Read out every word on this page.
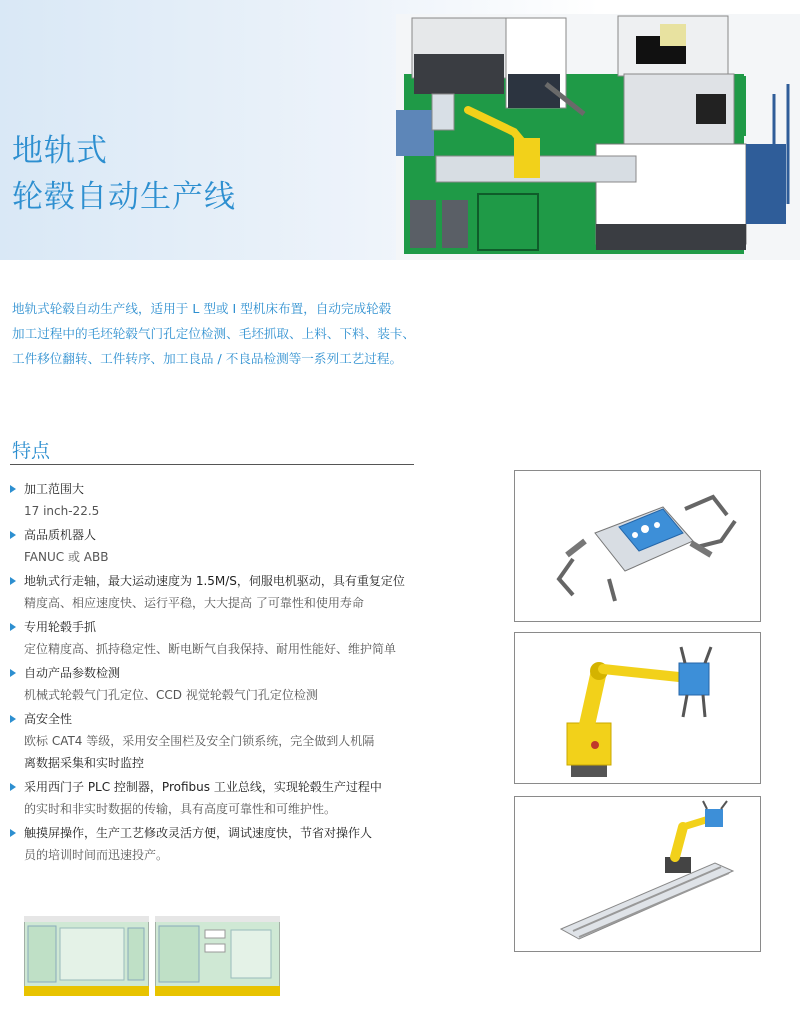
地轨式
轮毂自动生产线
地轨式轮毂自动生产线，适用于 L 型或 I 型机床布置，自动完成轮毂
加工过程中的毛坯轮毂气门孔定位检测、毛坯抓取、上料、下料、装卡、
工件移位翻转、工件转序、加工良品 / 不良品检测等一系列工艺过程。
特点
加工范围大
17 inch-22.5
高品质机器人
FANUC 或 ABB
地轨式行走轴，最大运动速度为 1.5M/S，伺服电机驱动，具有重复定位
精度高、相应速度快、运行平稳，大大提高 了可靠性和使用寿命
专用轮毂手抓
定位精度高、抓持稳定性、断电断气自我保持、耐用性能好、维护简单
自动产品参数检测
机械式轮毂气门孔定位、CCD 视觉轮毂气门孔定位检测
高安全性
欧标 CAT4 等级，采用安全围栏及安全门锁系统，完全做到人机隔
离数据采集和实时监控
采用西门子 PLC 控制器，Profibus 工业总线，实现轮毂生产过程中
的实时和非实时数据的传输，具有高度可靠性和可维护性。
触摸屏操作，生产工艺修改灵活方便，调试速度快，节省对操作人
员的培训时间而迅速投产。
